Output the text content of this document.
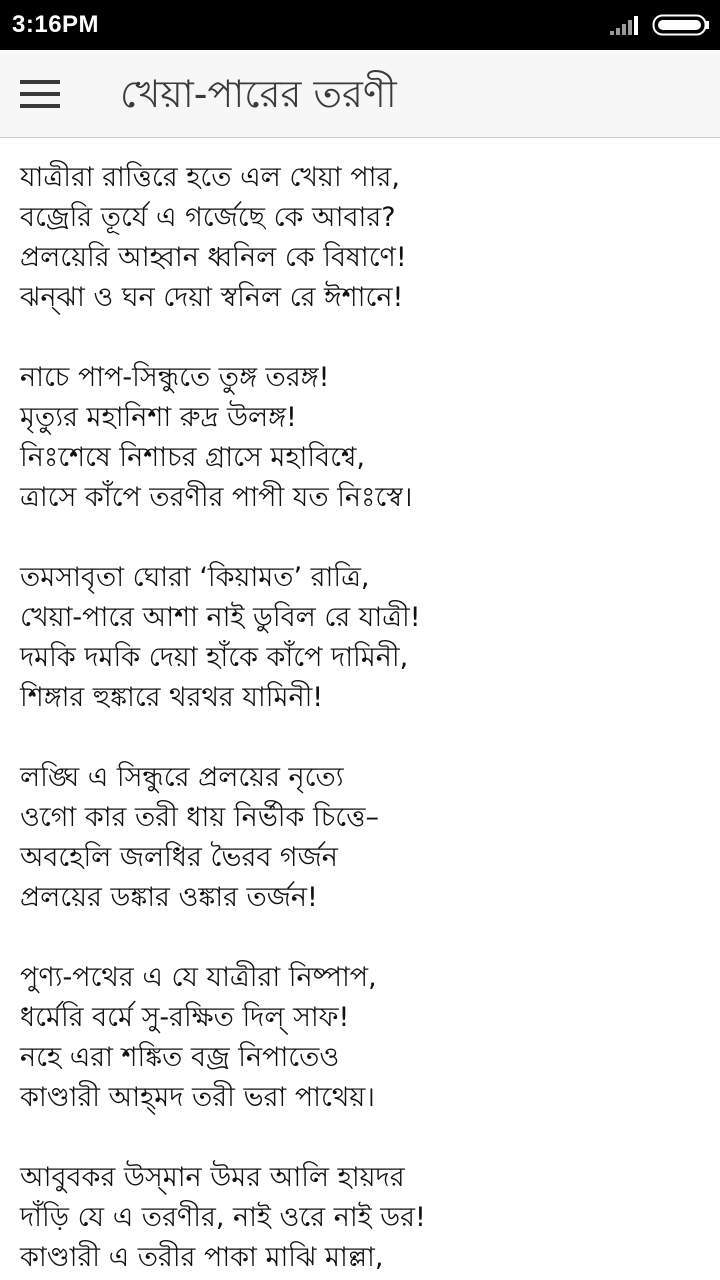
3:16PM
খেয়া-পারের তরণী
যাত্রীরা রাত্তিরে হতে এল খেয়া পার,
বজ্রেরি তূর্যে এ গর্জেছে কে আবার?
প্রলয়েরি আহ্বান ধ্বনিল কে বিষাণে!
ঝন্‌ঝা ও ঘন দেয়া স্বনিল রে ঈশানে!
নাচে পাপ-সিন্ধুতে তুঙ্গ তরঙ্গ!
মৃত্যুর মহানিশা রুদ্র উলঙ্গ!
নিঃশেষে নিশাচর গ্রাসে মহাবিশ্বে,
ত্রাসে কাঁপে তরণীর পাপী যত নিঃস্বে।
তমসাবৃতা ঘোরা ‘কিয়ামত’ রাত্রি,
খেয়া-পারে আশা নাই ডুবিল রে যাত্রী!
দমকি দমকি দেয়া হাঁকে কাঁপে দামিনী,
শিঙ্গার হুঙ্কারে থরথর যামিনী!
লঙ্ঘি এ সিন্ধুরে প্রলয়ের নৃত্যে
ওগো কার তরী ধায় নির্ভীক চিত্তে–
অবহেলি জলধির ভৈরব গর্জন
প্রলয়ের ডঙ্কার ওঙ্কার তর্জন!
পুণ্য-পথের এ যে যাত্রীরা নিষ্পাপ,
ধর্মেরি বর্মে সু-রক্ষিত দিল্‌ সাফ!
নহে এরা শঙ্কিত বজ্র নিপাতেও
কাণ্ডারী আহ্‌মদ তরী ভরা পাথেয়।
আবুবকর উস্‌মান উমর আলি হায়দর
দাঁড়ি যে এ তরণীর, নাই ওরে নাই ডর!
কাণ্ডারী এ তরীর পাকা মাঝি মাল্লা,
